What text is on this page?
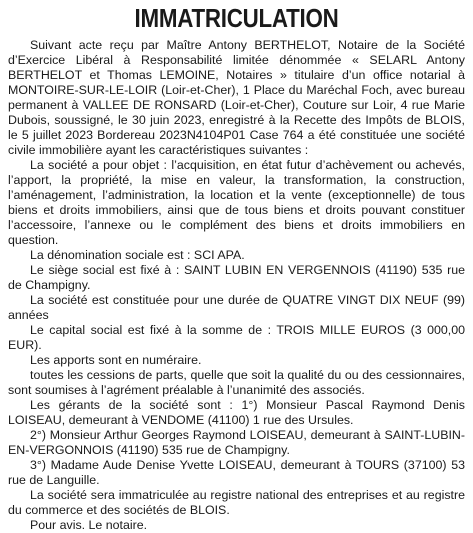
IMMATRICULATION

Suivant acte reçu par Maître Antony BERTHELOT, Notaire de la Société d’Exercice Libéral à Responsabilité limitée dénommée « SELARL Antony BERTHELOT et Thomas LEMOINE, Notaires » titulaire d’un office notarial à MONTOIRE-SUR-LE-LOIR (Loir-et-Cher), 1 Place du Maréchal Foch, avec bureau permanent à VALLEE DE RONSARD (Loir-et-Cher), Couture sur Loir, 4 rue Marie Dubois, soussigné, le 30 juin 2023, enregistré à la Recette des Impôts de BLOIS, le 5 juillet 2023 Bordereau 2023N4104P01 Case 764 a été constituée une société civile immobilière ayant les caractéristiques suivantes :

La société a pour objet : l’acquisition, en état futur d’achèvement ou achevés, l’apport, la propriété, la mise en valeur, la transformation, la construction, l’aménagement, l’administration, la location et la vente (exceptionnelle) de tous biens et droits immobiliers, ainsi que de tous biens et droits pouvant constituer l’accessoire, l’annexe ou le complément des biens et droits immobiliers en question.

La dénomination sociale est : SCI APA.

Le siège social est fixé à : SAINT LUBIN EN VERGENNOIS (41190) 535 rue de Champigny.

La société est constituée pour une durée de QUATRE VINGT DIX NEUF (99) années

Le capital social est fixé à la somme de : TROIS MILLE EUROS (3 000,00 EUR).

Les apports sont en numéraire.

toutes les cessions de parts, quelle que soit la qualité du ou des cessionnaires, sont soumises à l’agrément préalable à l’unanimité des associés.

Les gérants de la société sont : 1°) Monsieur Pascal Raymond Denis LOISEAU, demeurant à VENDOME (41100) 1 rue des Ursules.

2°) Monsieur Arthur Georges Raymond LOISEAU, demeurant à SAINT-LUBIN-EN-VERGONNOIS (41190) 535 rue de Champigny.

3°) Madame Aude Denise Yvette LOISEAU, demeurant à TOURS (37100) 53 rue de Languille.

La société sera immatriculée au registre national des entreprises et au registre du commerce et des sociétés de BLOIS.

Pour avis. Le notaire.
